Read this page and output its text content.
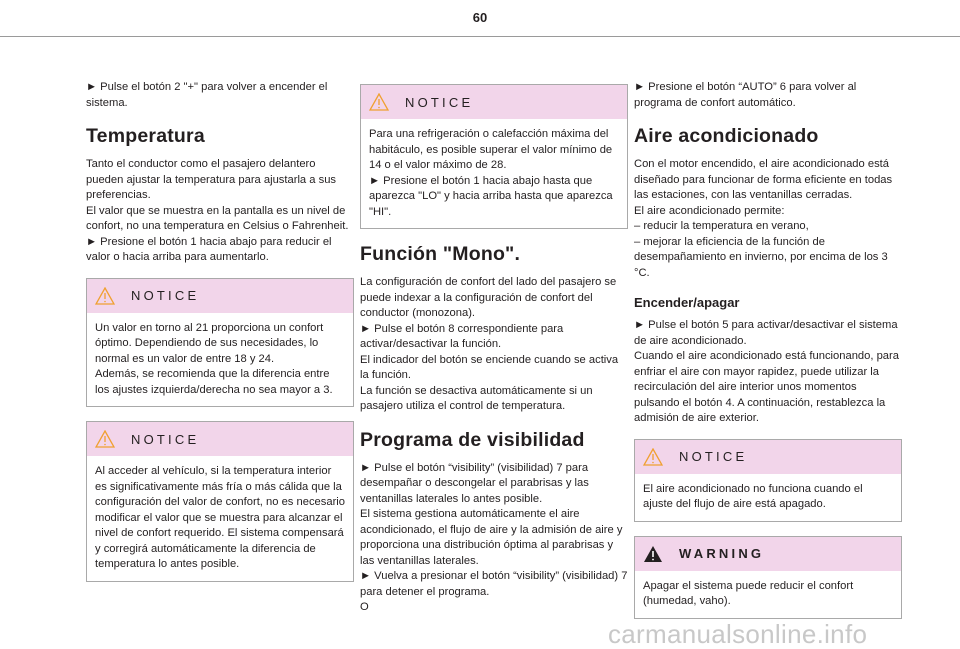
60

► Pulse el botón 2 "+" para volver a encender el sistema.

Temperatura

Tanto el conductor como el pasajero delantero pueden ajustar la temperatura para ajustarla a sus preferencias.

El valor que se muestra en la pantalla es un nivel de confort, no una temperatura en Celsius o Fahrenheit.

► Presione el botón 1 hacia abajo para reducir el valor o hacia arriba para aumentarlo.

NOTICE

Un valor en torno al 21 proporciona un confort óptimo. Dependiendo de sus necesidades, lo normal es un valor de entre 18 y 24.

Además, se recomienda que la diferencia entre los ajustes izquierda/derecha no sea mayor a 3.

NOTICE

Al acceder al vehículo, si la temperatura interior es significativamente más fría o más cálida que la configuración del valor de confort, no es necesario modificar el valor que se muestra para alcanzar el nivel de confort requerido. El sistema compensará y corregirá automáticamente la diferencia de temperatura lo antes posible.

NOTICE

Para una refrigeración o calefacción máxima del habitáculo, es posible superar el valor mínimo de 14 o el valor máximo de 28.

► Presione el botón 1 hacia abajo hasta que aparezca "LO" y hacia arriba hasta que aparezca "HI".

Función "Mono".

La configuración de confort del lado del pasajero se puede indexar a la configuración de confort del conductor (monozona).

► Pulse el botón 8 correspondiente para activar/desactivar la función.

El indicador del botón se enciende cuando se activa la función.

La función se desactiva automáticamente si un pasajero utiliza el control de temperatura.

Programa de visibilidad

► Pulse el botón “visibility” (visibilidad) 7 para desempañar o descongelar el parabrisas y las ventanillas laterales lo antes posible.

El sistema gestiona automáticamente el aire acondicionado, el flujo de aire y la admisión de aire y proporciona una distribución óptima al parabrisas y las ventanillas laterales.

► Vuelva a presionar el botón “visibility” (visibilidad) 7 para detener el programa.

O

► Presione el botón “AUTO” 6 para volver al programa de confort automático.

Aire acondicionado

Con el motor encendido, el aire acondicionado está diseñado para funcionar de forma eficiente en todas las estaciones, con las ventanillas cerradas.

El aire acondicionado permite:

– reducir la temperatura en verano,

– mejorar la eficiencia de la función de desempañamiento en invierno, por encima de los 3 °C.

Encender/apagar

► Pulse el botón 5 para activar/desactivar el sistema de aire acondicionado.

Cuando el aire acondicionado está funcionando, para enfriar el aire con mayor rapidez, puede utilizar la recirculación del aire interior unos momentos pulsando el botón 4. A continuación, restablezca la admisión de aire exterior.

NOTICE

El aire acondicionado no funciona cuando el ajuste del flujo de aire está apagado.

WARNING

Apagar el sistema puede reducir el confort (humedad, vaho).

carmanualsonline.info
